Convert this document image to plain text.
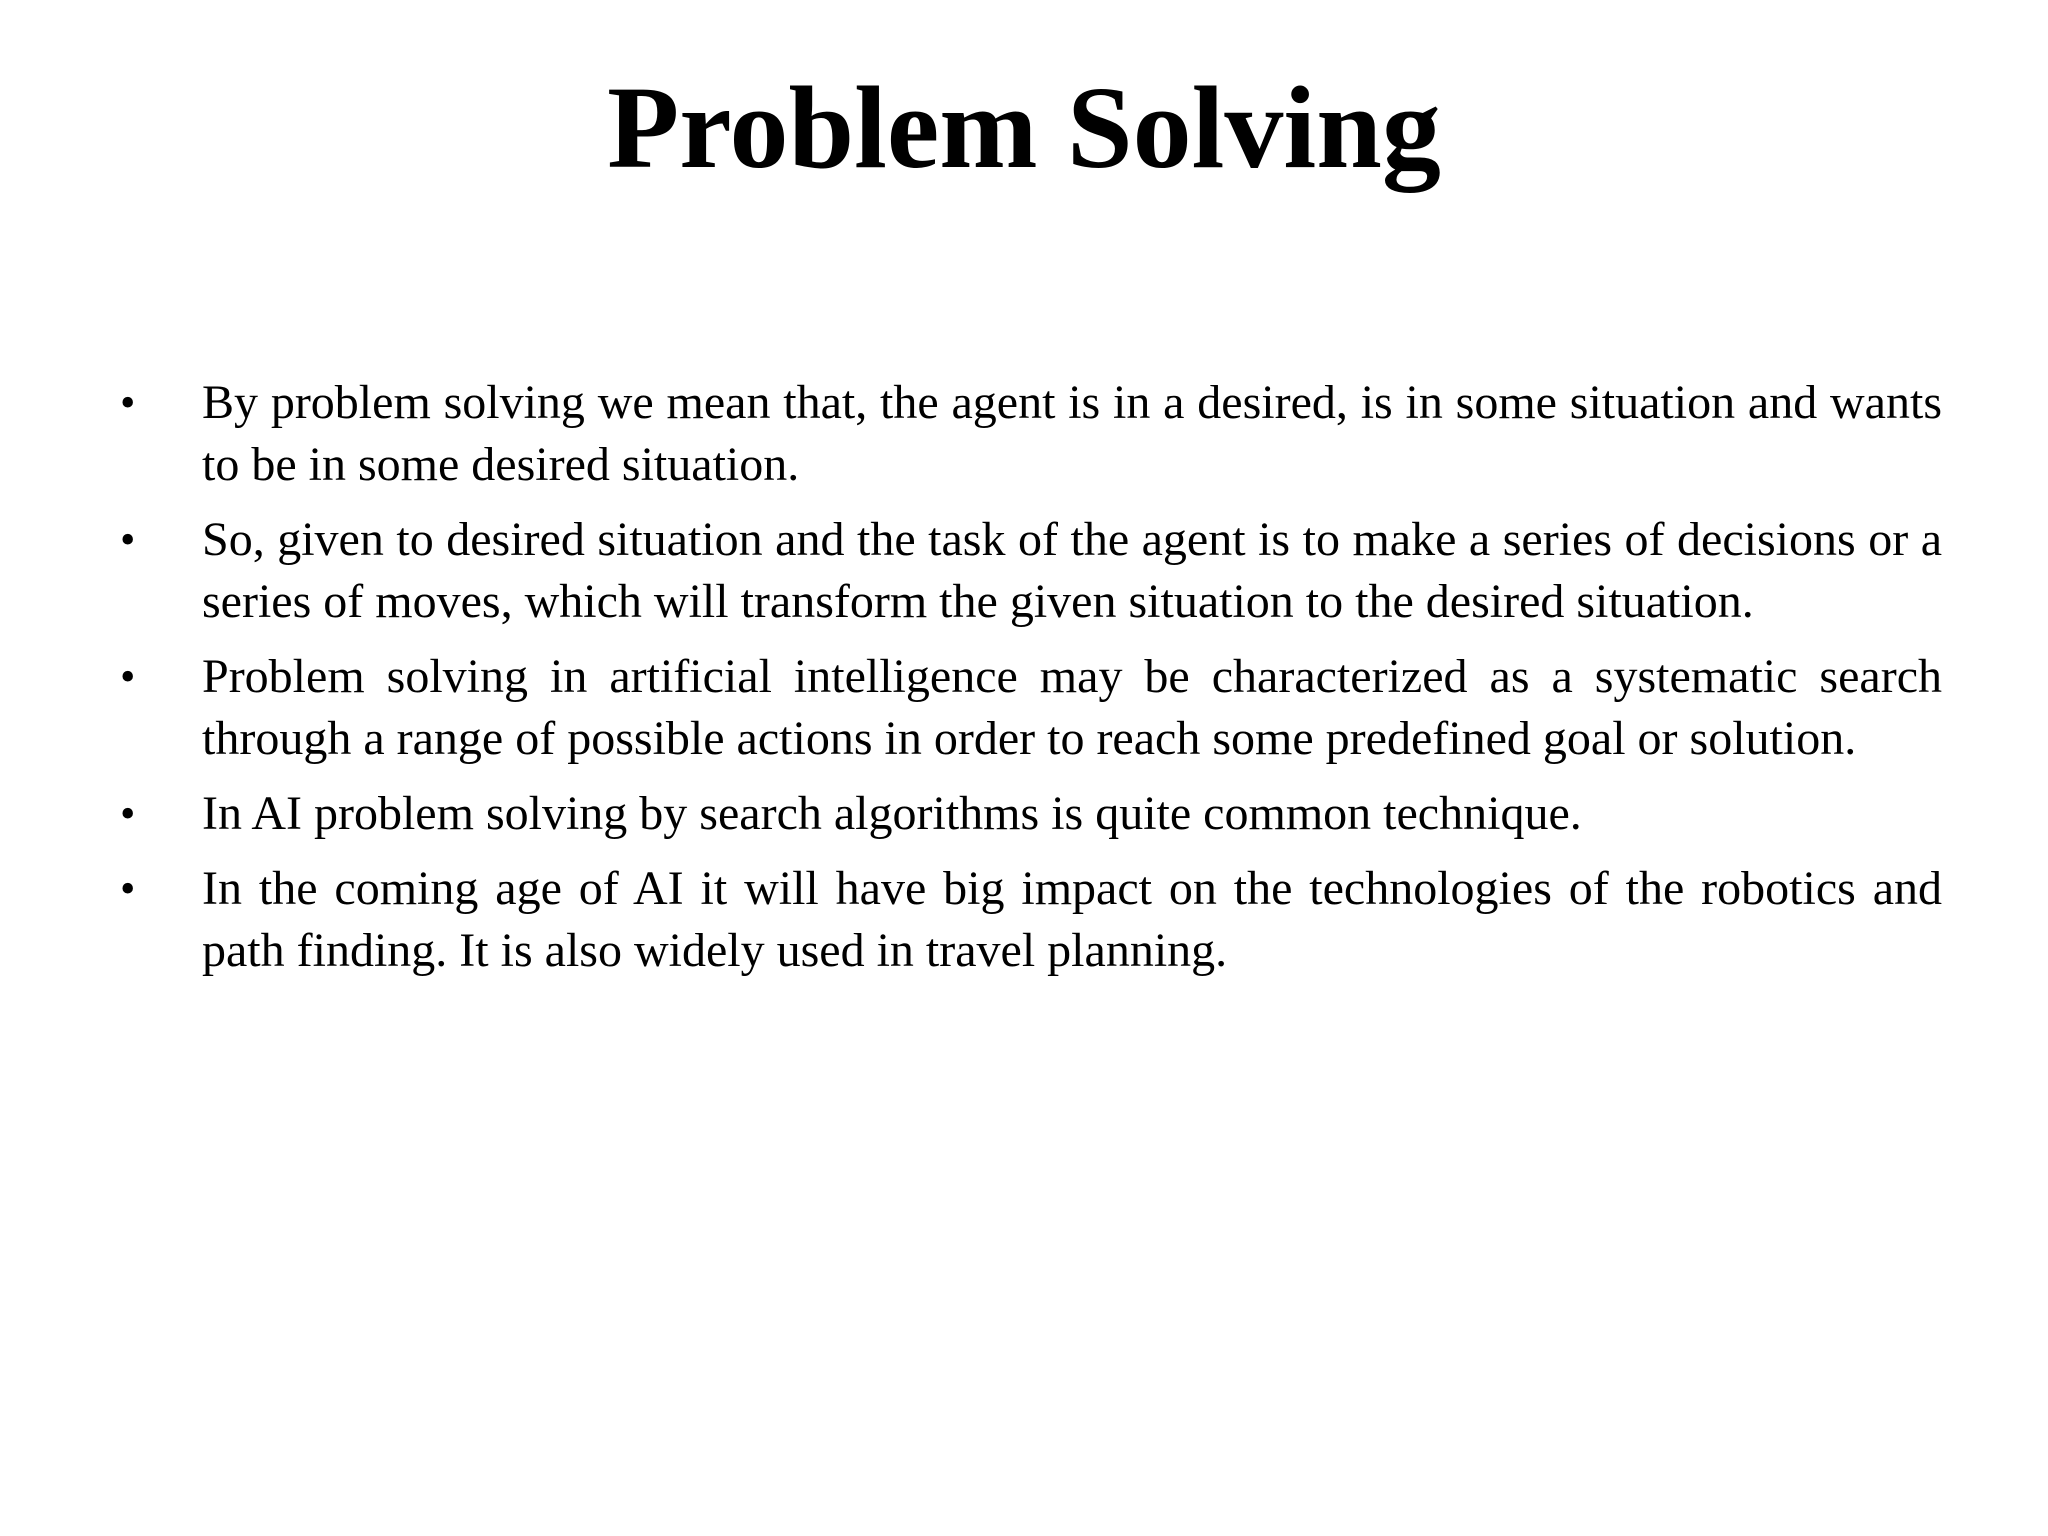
Problem Solving
•	By problem solving we mean that, the agent is in a desired, is in some situation and wants to be in some desired situation.
•	So, given to desired situation and the task of the agent is to make a series of decisions or a series of moves, which will transform the given situation to the desired situation.
•	Problem solving in artificial intelligence may be characterized as a systematic search through a range of possible actions in order to reach some predefined goal or solution.
•	In AI problem solving by search algorithms is quite common technique.
•	In the coming age of AI it will have big impact on the technologies of the robotics and path finding. It is also widely used in travel planning.
